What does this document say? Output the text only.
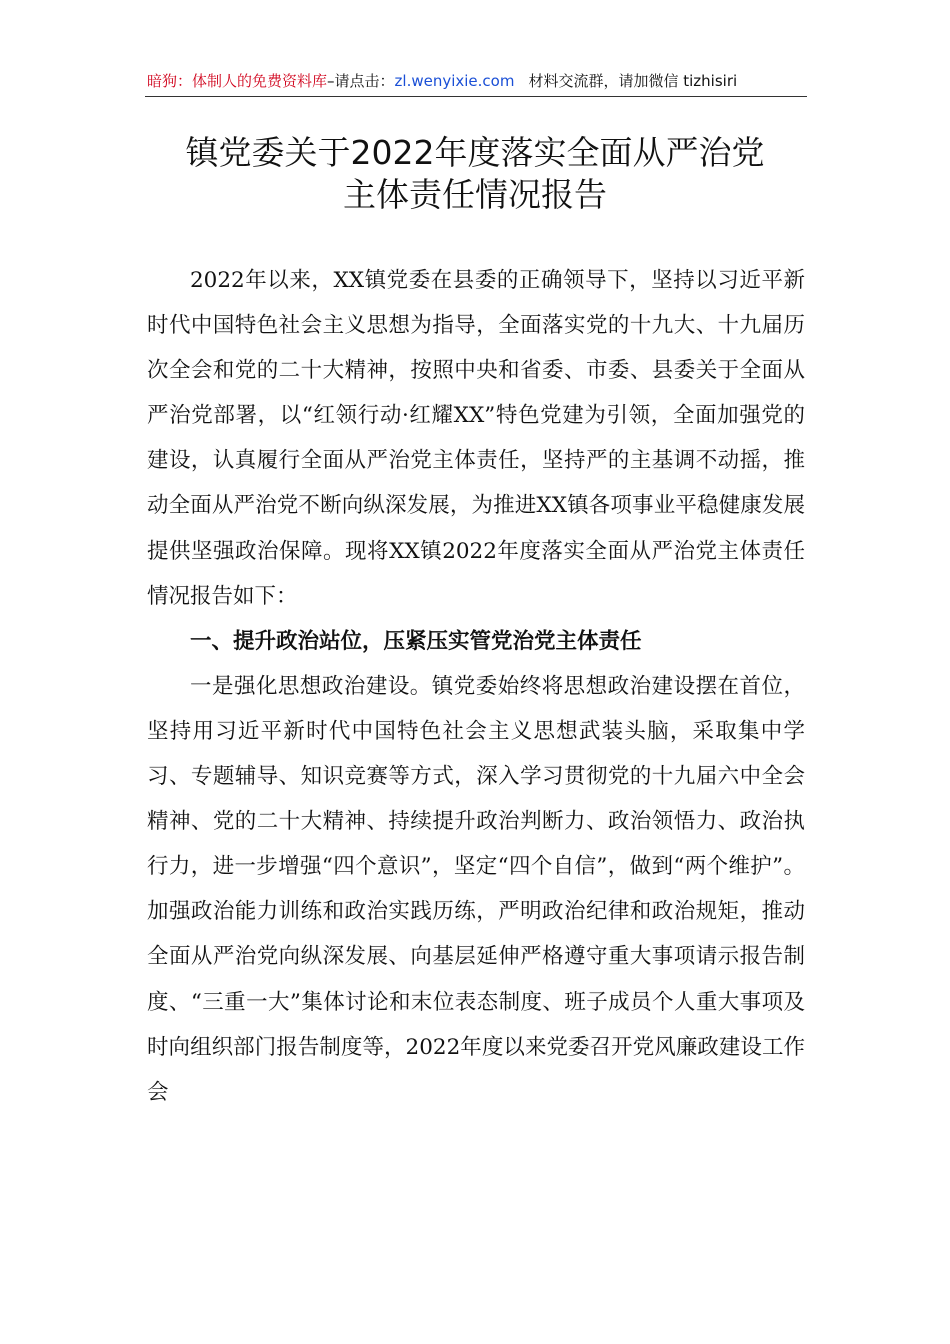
暗狗：体制人的免费资料库–请点击：zl.wenyixie.com 材料交流群，请加微信 tizhisiri
镇党委关于2022年度落实全面从严治党
主体责任情况报告

2022年以来，XX镇党委在县委的正确领导下，坚持以习近平新时代中国特色社会主义思想为指导，全面落实党的十九大、十九届历次全会和党的二十大精神，按照中央和省委、市委、县委关于全面从严治党部署，以“红领行动·红耀XX”特色党建为引领，全面加强党的建设，认真履行全面从严治党主体责任，坚持严的主基调不动摇，推动全面从严治党不断向纵深发展，为推进XX镇各项事业平稳健康发展提供坚强政治保障。现将XX镇2022年度落实全面从严治党主体责任情况报告如下：

一、提升政治站位，压紧压实管党治党主体责任

一是强化思想政治建设。镇党委始终将思想政治建设摆在首位，坚持用习近平新时代中国特色社会主义思想武装头脑，采取集中学习、专题辅导、知识竞赛等方式，深入学习贯彻党的十九届六中全会精神、党的二十大精神、持续提升政治判断力、政治领悟力、政治执行力，进一步增强“四个意识”，坚定“四个自信”，做到“两个维护”。加强政治能力训练和政治实践历练，严明政治纪律和政治规矩，推动全面从严治党向纵深发展、向基层延伸严格遵守重大事项请示报告制度、“三重一大”集体讨论和末位表态制度、班子成员个人重大事项及时向组织部门报告制度等，2022年度以来党委召开党风廉政建设工作会
